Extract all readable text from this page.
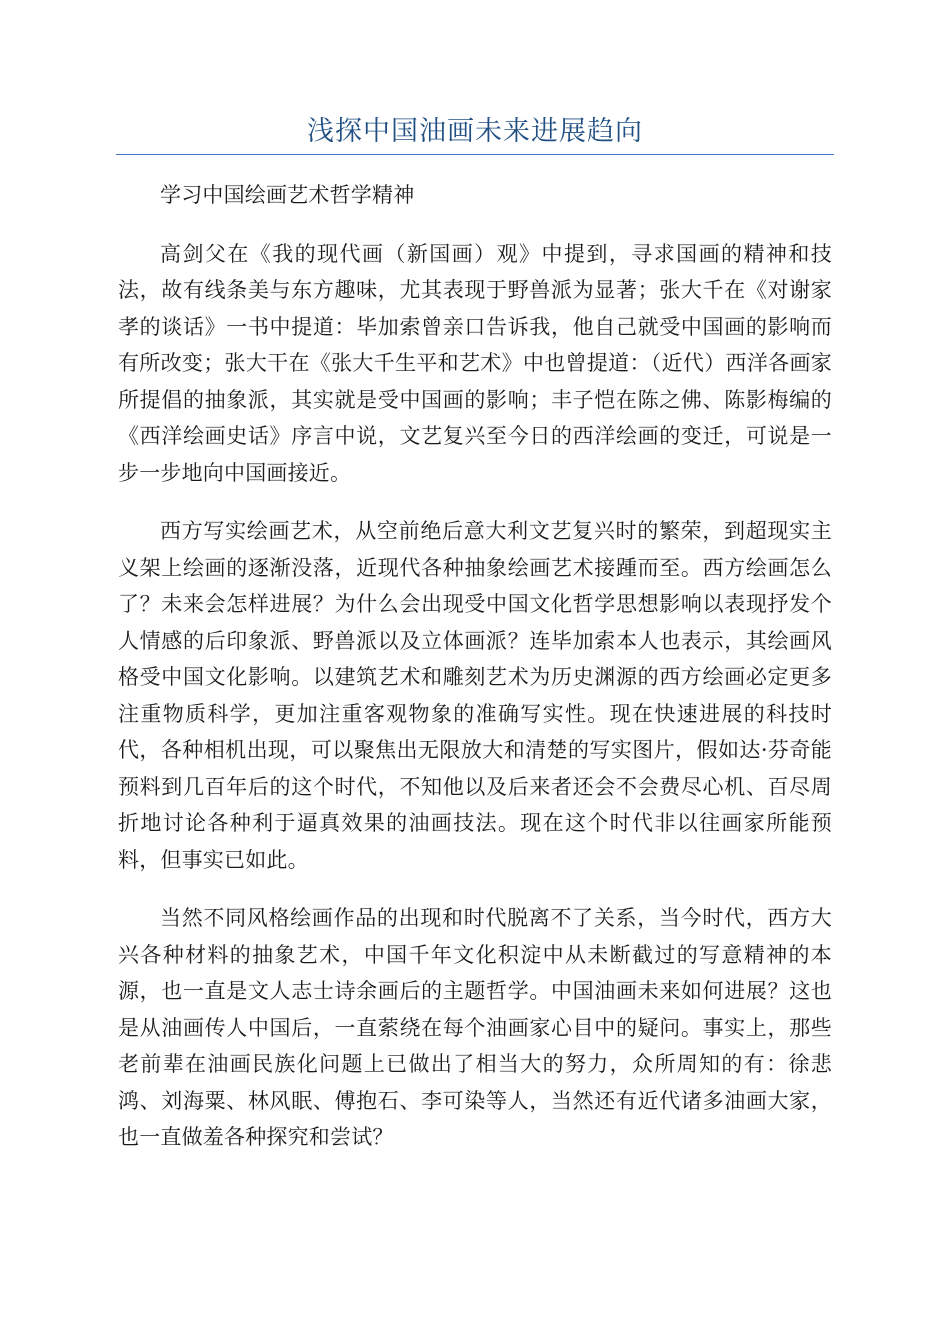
浅探中国油画未来进展趋向

学习中国绘画艺术哲学精神

高剑父在《我的现代画（新国画）观》中提到，寻求国画的精神和技法，故有线条美与东方趣味，尤其表现于野兽派为显著；张大千在《对谢家孝的谈话》一书中提道：毕加索曾亲口告诉我，他自己就受中国画的影响而有所改变；张大干在《张大千生平和艺术》中也曾提道：（近代）西洋各画家所提倡的抽象派，其实就是受中国画的影响；丰子恺在陈之佛、陈影梅编的《西洋绘画史话》序言中说，文艺复兴至今日的西洋绘画的变迁，可说是一步一步地向中国画接近。

西方写实绘画艺术，从空前绝后意大利文艺复兴时的繁荣，到超现实主义架上绘画的逐渐没落，近现代各种抽象绘画艺术接踵而至。西方绘画怎么了？未来会怎样进展？为什么会出现受中国文化哲学思想影响以表现抒发个人情感的后印象派、野兽派以及立体画派？连毕加索本人也表示，其绘画风格受中国文化影响。以建筑艺术和雕刻艺术为历史渊源的西方绘画必定更多注重物质科学，更加注重客观物象的准确写实性。现在快速进展的科技时代，各种相机出现，可以聚焦出无限放大和清楚的写实图片，假如达·芬奇能预料到几百年后的这个时代，不知他以及后来者还会不会费尽心机、百尽周折地讨论各种利于逼真效果的油画技法。现在这个时代非以往画家所能预料，但事实已如此。

当然不同风格绘画作品的出现和时代脱离不了关系，当今时代，西方大兴各种材料的抽象艺术，中国千年文化积淀中从未断截过的写意精神的本源，也一直是文人志士诗余画后的主题哲学。中国油画未来如何进展？这也是从油画传人中国后，一直萦绕在每个油画家心目中的疑问。事实上，那些老前辈在油画民族化问题上已做出了相当大的努力，众所周知的有：徐悲鸿、刘海粟、林风眠、傅抱石、李可染等人，当然还有近代诸多油画大家，也一直做羞各种探究和尝试？
